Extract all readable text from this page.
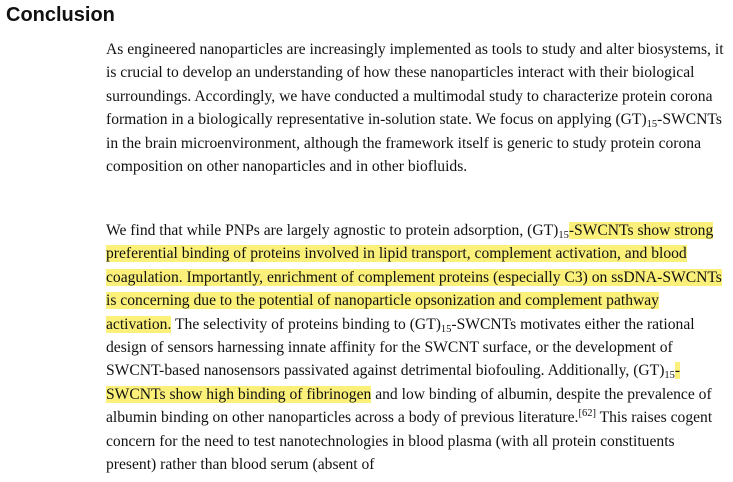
Conclusion

As engineered nanoparticles are increasingly implemented as tools to study and alter biosystems, it is crucial to develop an understanding of how these nanoparticles interact with their biological surroundings. Accordingly, we have conducted a multimodal study to characterize protein corona formation in a biologically representative in-solution state. We focus on applying $(GT)_{15}$-SWCNTs in the brain microenvironment, although the framework itself is generic to study protein corona composition on other nanoparticles and in other biofluids.

We find that while PNPs are largely agnostic to protein adsorption, $(GT)_{15}$-SWCNTs show strong preferential binding of proteins involved in lipid transport, complement activation, and blood coagulation. Importantly, enrichment of complement proteins (especially C3) on ssDNA-SWCNTs is concerning due to the potential of nanoparticle opsonization and complement pathway activation. The selectivity of proteins binding to $(GT)_{15}$-SWCNTs motivates either the rational design of sensors harnessing innate affinity for the SWCNT surface, or the development of SWCNT-based nanosensors passivated against detrimental biofouling. Additionally, $(GT)_{15}$-SWCNTs show high binding of fibrinogen and low binding of albumin, despite the prevalence of albumin binding on other nanoparticles across a body of previous literature.[62] This raises cogent concern for the need to test nanotechnologies in blood plasma (with all protein constituents present) rather than blood serum (absent of
